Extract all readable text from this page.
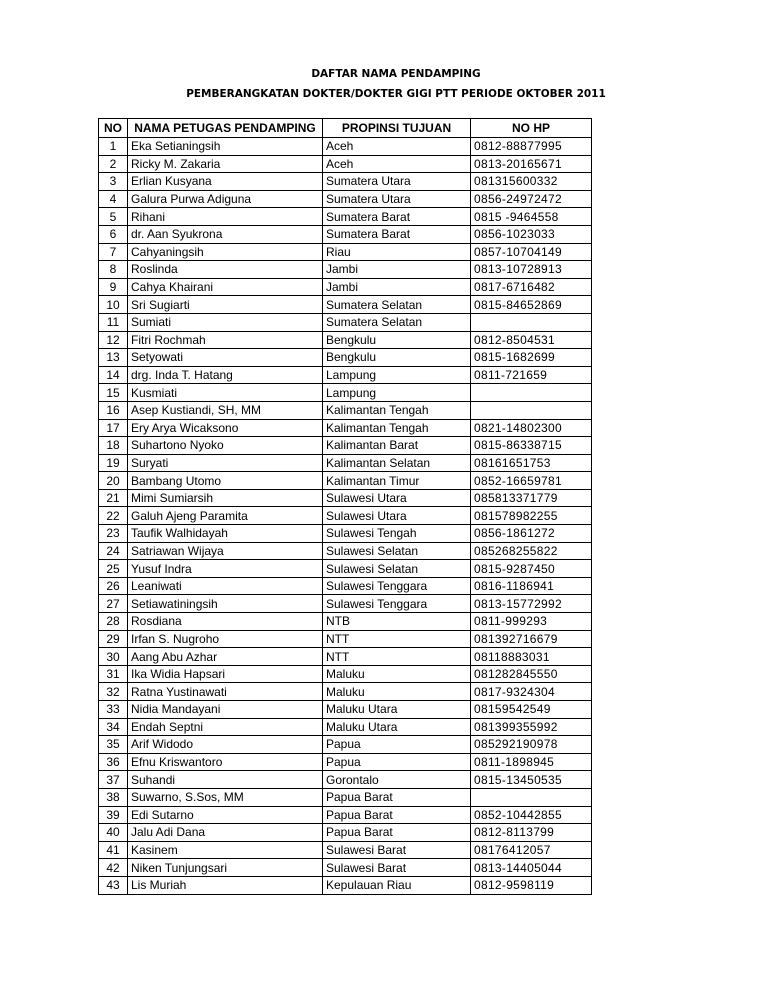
DAFTAR NAMA PENDAMPING
PEMBERANGKATAN DOKTER/DOKTER GIGI PTT PERIODE OKTOBER 2011
NO	NAMA PETUGAS PENDAMPING	PROPINSI TUJUAN	NO HP
1	Eka Setianingsih	Aceh	0812-88877995
2	Ricky M. Zakaria	Aceh	0813-20165671
3	Erlian Kusyana	Sumatera Utara	081315600332
4	Galura Purwa Adiguna	Sumatera Utara	0856-24972472
5	Rihani	Sumatera Barat	0815 -9464558
6	dr. Aan Syukrona	Sumatera Barat	0856-1023033
7	Cahyaningsih	Riau	0857-10704149
8	Roslinda	Jambi	0813-10728913
9	Cahya Khairani	Jambi	0817-6716482
10	Sri Sugiarti	Sumatera Selatan	0815-84652869
11	Sumiati	Sumatera Selatan	
12	Fitri Rochmah	Bengkulu	0812-8504531
13	Setyowati	Bengkulu	0815-1682699
14	drg. Inda T. Hatang	Lampung	0811-721659
15	Kusmiati	Lampung	
16	Asep Kustiandi, SH, MM	Kalimantan Tengah	
17	Ery Arya Wicaksono	Kalimantan Tengah	0821-14802300
18	Suhartono Nyoko	Kalimantan Barat	0815-86338715
19	Suryati	Kalimantan Selatan	08161651753
20	Bambang Utomo	Kalimantan Timur	0852-16659781
21	Mimi Sumiarsih	Sulawesi Utara	085813371779
22	Galuh Ajeng Paramita	Sulawesi Utara	081578982255
23	Taufik Walhidayah	Sulawesi Tengah	0856-1861272
24	Satriawan Wijaya	Sulawesi Selatan	085268255822
25	Yusuf Indra	Sulawesi Selatan	0815-9287450
26	Leaniwati	Sulawesi Tenggara	0816-1186941
27	Setiawatiningsih	Sulawesi Tenggara	0813-15772992
28	Rosdiana	NTB	0811-999293
29	Irfan S. Nugroho	NTT	081392716679
30	Aang Abu Azhar	NTT	08118883031
31	Ika Widia Hapsari	Maluku	081282845550
32	Ratna Yustinawati	Maluku	0817-9324304
33	Nidia Mandayani	Maluku Utara	08159542549
34	Endah Septni	Maluku Utara	081399355992
35	Arif Widodo	Papua	085292190978
36	Efnu Kriswantoro	Papua	0811-1898945
37	Suhandi	Gorontalo	0815-13450535
38	Suwarno, S.Sos, MM	Papua Barat	
39	Edi Sutarno	Papua Barat	0852-10442855
40	Jalu Adi Dana	Papua Barat	0812-8113799
41	Kasinem	Sulawesi Barat	08176412057
42	Niken Tunjungsari	Sulawesi Barat	0813-14405044
43	Lis Muriah	Kepulauan Riau	0812-9598119
